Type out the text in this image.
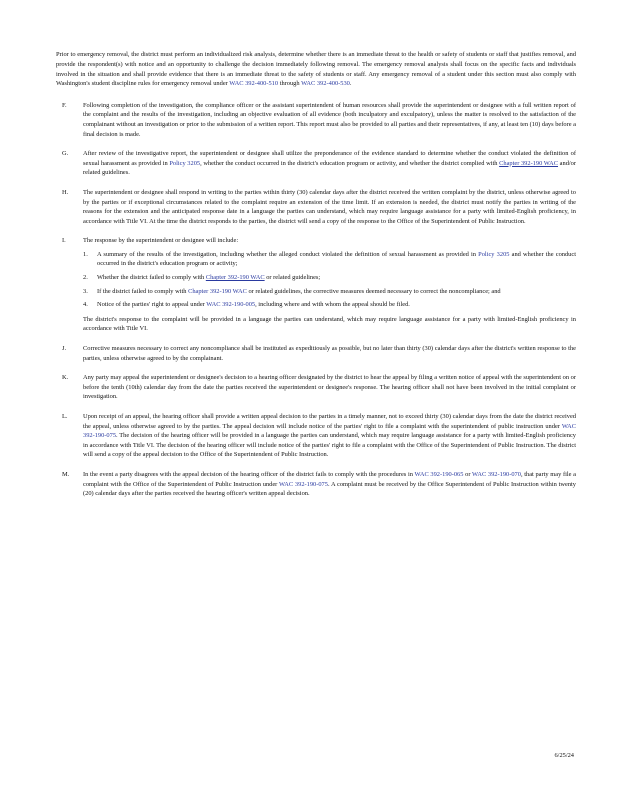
Prior to emergency removal, the district must perform an individualized risk analysis, determine whether there is an immediate threat to the health or safety of students or staff that justifies removal, and provide the respondent(s) with notice and an opportunity to challenge the decision immediately following removal. The emergency removal analysis shall focus on the specific facts and individuals involved in the situation and shall provide evidence that there is an immediate threat to the safety of students or staff. Any emergency removal of a student under this section must also comply with Washington's student discipline rules for emergency removal under WAC 392-400-510 through WAC 392-400-530.

F.	Following completion of the investigation, the compliance officer or the assistant superintendent of human resources shall provide the superintendent or designee with a full written report of the complaint and the results of the investigation, including an objective evaluation of all evidence (both inculpatory and exculpatory), unless the matter is resolved to the satisfaction of the complainant without an investigation or prior to the submission of a written report. This report must also be provided to all parties and their representatives, if any, at least ten (10) days before a final decision is made.
G. After review of the investigative report, the superintendent or designee shall utilize the preponderance of the evidence standard to determine whether the conduct violated the definition of sexual harassment as provided in Policy 3205, whether the conduct occurred in the district's education program or activity, and whether the district complied with Chapter 392-190 WAC and/or related guidelines.
H. The superintendent or designee shall respond in writing to the parties within thirty (30) calendar days after the district received the written complaint by the district, unless otherwise agreed to by the parties or if exceptional circumstances related to the complaint require an extension of the time limit. If an extension is needed, the district must notify the parties in writing of the reasons for the extension and the anticipated response date in a language the parties can understand, which may require language assistance for a party with limited-English proficiency, in accordance with Title VI. At the time the district responds to the parties, the district will send a copy of the response to the Office of the Superintendent of Public Instruction.
I.	The response by the superintendent or designee will include:
1. A summary of the results of the investigation, including whether the alleged conduct violated the definition of sexual harassment as provided in Policy 3205 and whether the conduct occurred in the district's education program or activity;
2. Whether the district failed to comply with Chapter 392-190 WAC or related guidelines;
3. If the district failed to comply with Chapter 392-190 WAC or related guidelines, the corrective measures deemed necessary to correct the noncompliance; and
4. Notice of the parties' right to appeal under WAC 392-190-005, including where and with whom the appeal should be filed.
The district's response to the complaint will be provided in a language the parties can understand, which may require language assistance for a party with limited-English proficiency in accordance with Title VI.
J.	Corrective measures necessary to correct any noncompliance shall be instituted as expeditiously as possible, but no later than thirty (30) calendar days after the district's written response to the parties, unless otherwise agreed to by the complainant.
K. Any party may appeal the superintendent or designee's decision to a hearing officer designated by the district to hear the appeal by filing a written notice of appeal with the superintendent on or before the tenth (10th) calendar day from the date the parties received the superintendent or designee's response. The hearing officer shall not have been involved in the initial complaint or investigation.
L. Upon receipt of an appeal, the hearing officer shall provide a written appeal decision to the parties in a timely manner, not to exceed thirty (30) calendar days from the date the district received the appeal, unless otherwise agreed to by the parties. The appeal decision will include notice of the parties' right to file a complaint with the superintendent of public instruction under WAC 392-190-075. The decision of the hearing officer will be provided in a language the parties can understand, which may require language assistance for a party with limited-English proficiency in accordance with Title VI. The decision of the hearing officer will include notice of the parties' right to file a complaint with the Office of the Superintendent of Public Instruction. The district will send a copy of the appeal decision to the Office of the Superintendent of Public Instruction.
M. In the event a party disagrees with the appeal decision of the hearing officer of the district fails to comply with the procedures in WAC 392-190-065 or WAC 392-190-070, that party may file a complaint with the Office of the Superintendent of Public Instruction under WAC 392-190-075. A complaint must be received by the Office Superintendent of Public Instruction within twenty (20) calendar days after the parties received the hearing officer's written appeal decision.
6/25/24
